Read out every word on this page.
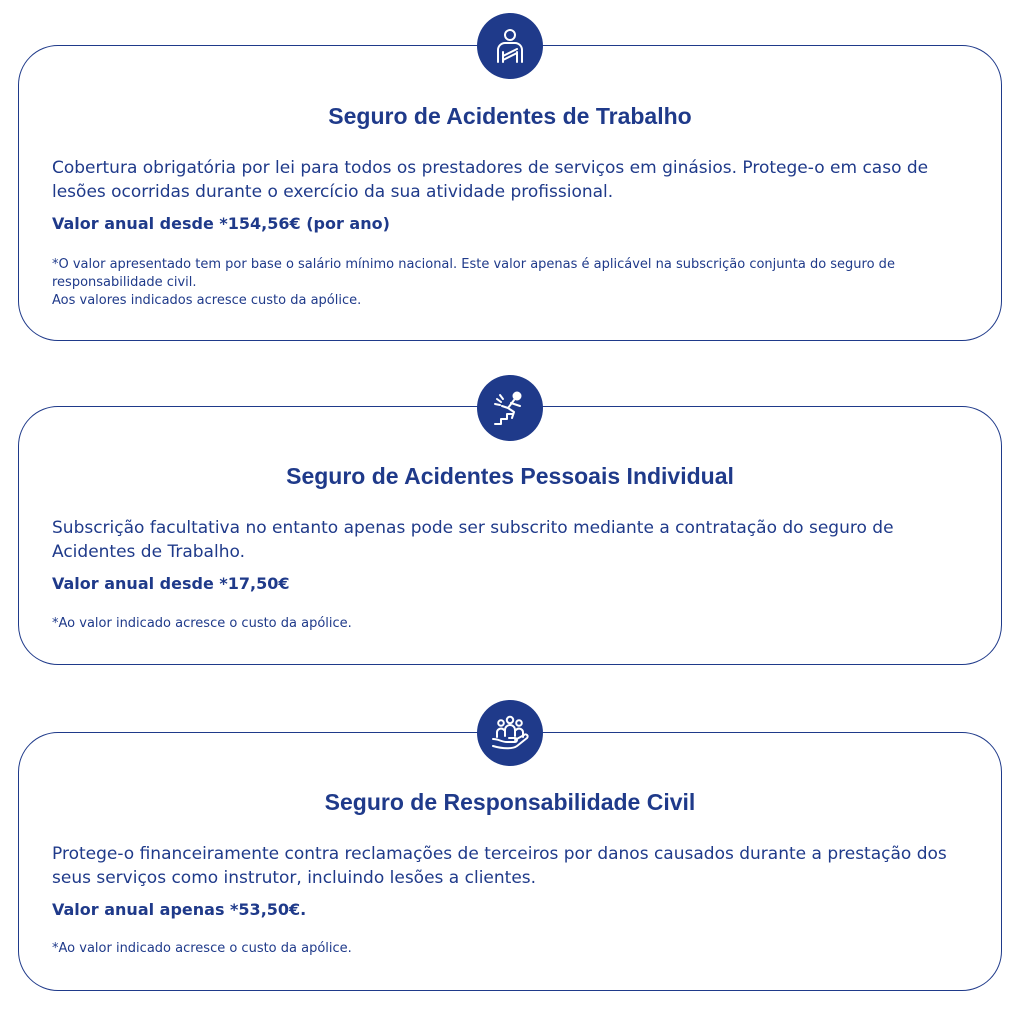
Seguro de Acidentes de Trabalho

Cobertura obrigatória por lei para todos os prestadores de serviços em ginásios. Protege-o em caso de lesões ocorridas durante o exercício da sua atividade profissional.

Valor anual desde *154,56€ (por ano)

*O valor apresentado tem por base o salário mínimo nacional. Este valor apenas é aplicável na subscrição conjunta do seguro de responsabilidade civil.
Aos valores indicados acresce custo da apólice.
Seguro de Acidentes Pessoais Individual

Subscrição facultativa no entanto apenas pode ser subscrito mediante a contratação do seguro de Acidentes de Trabalho.

Valor anual desde *17,50€

*Ao valor indicado acresce o custo da apólice.
Seguro de Responsabilidade Civil

Protege-o financeiramente contra reclamações de terceiros por danos causados durante a prestação dos seus serviços como instrutor, incluindo lesões a clientes.

Valor anual apenas *53,50€.

*Ao valor indicado acresce o custo da apólice.
